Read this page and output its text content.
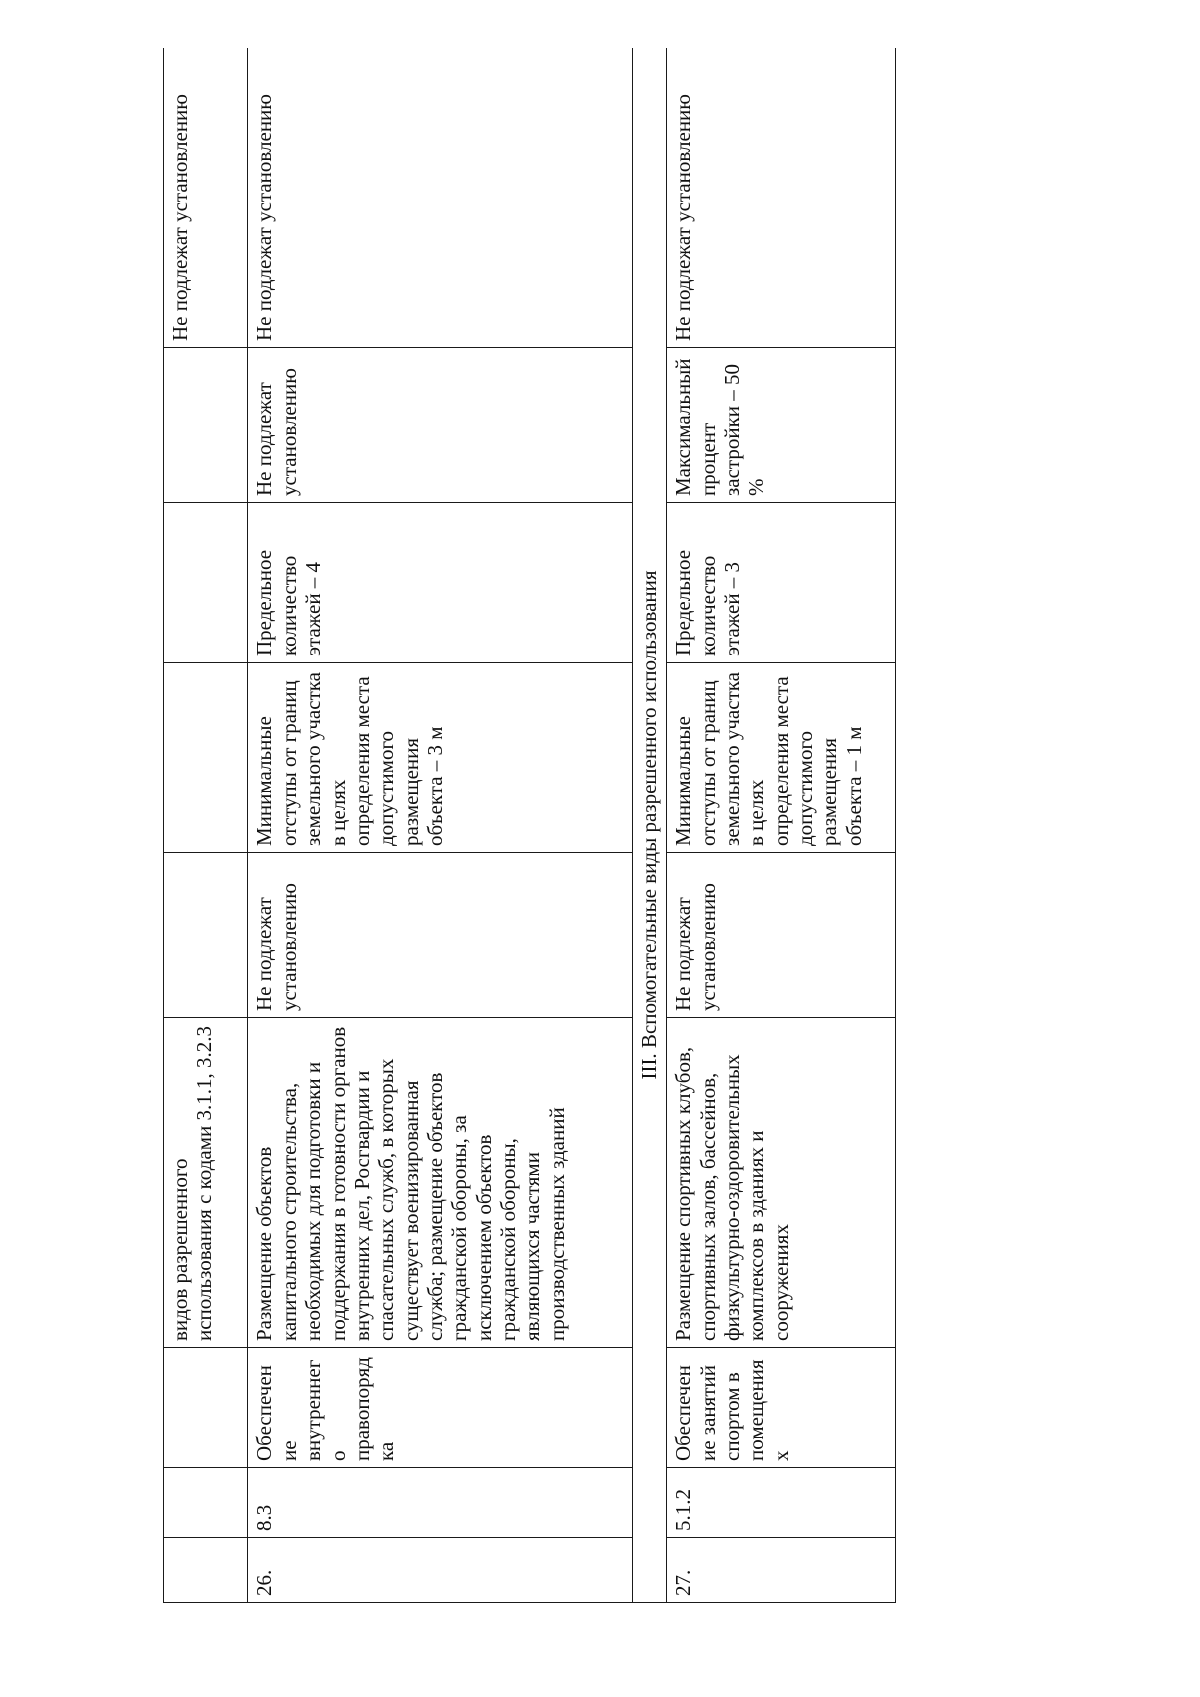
			видов разрешенного использования с кодами 3.1.1, 3.2.3					Не подлежат установлению
26.	8.3	Обеспечение внутреннего правопорядка	Размещение объектов капитального строительства, необходимых для подготовки и поддержания в готовности органов внутренних дел, Росгвардии и спасательных служб, в которых существует военизированная служба; размещение объектов гражданской обороны, за исключением объектов гражданской обороны, являющихся частями производственных зданий	Не подлежат установлению	Минимальные отступы от границ земельного участка в целях определения места допустимого размещения объекта – 3 м	Предельное количество этажей – 4	Не подлежат установлению	Не подлежат установлению
III. Вспомогательные виды разрешенного использования								
27.	5.1.2	Обеспечение занятий спортом в помещениях	Размещение спортивных клубов, спортивных залов, бассейнов, физкультурно-оздоровительных комплексов в зданиях и сооружениях	Не подлежат установлению	Минимальные отступы от границ земельного участка в целях определения места допустимого размещения объекта – 1 м	Предельное количество этажей – 3	Максимальный процент застройки – 50 %	Не подлежат установлению
